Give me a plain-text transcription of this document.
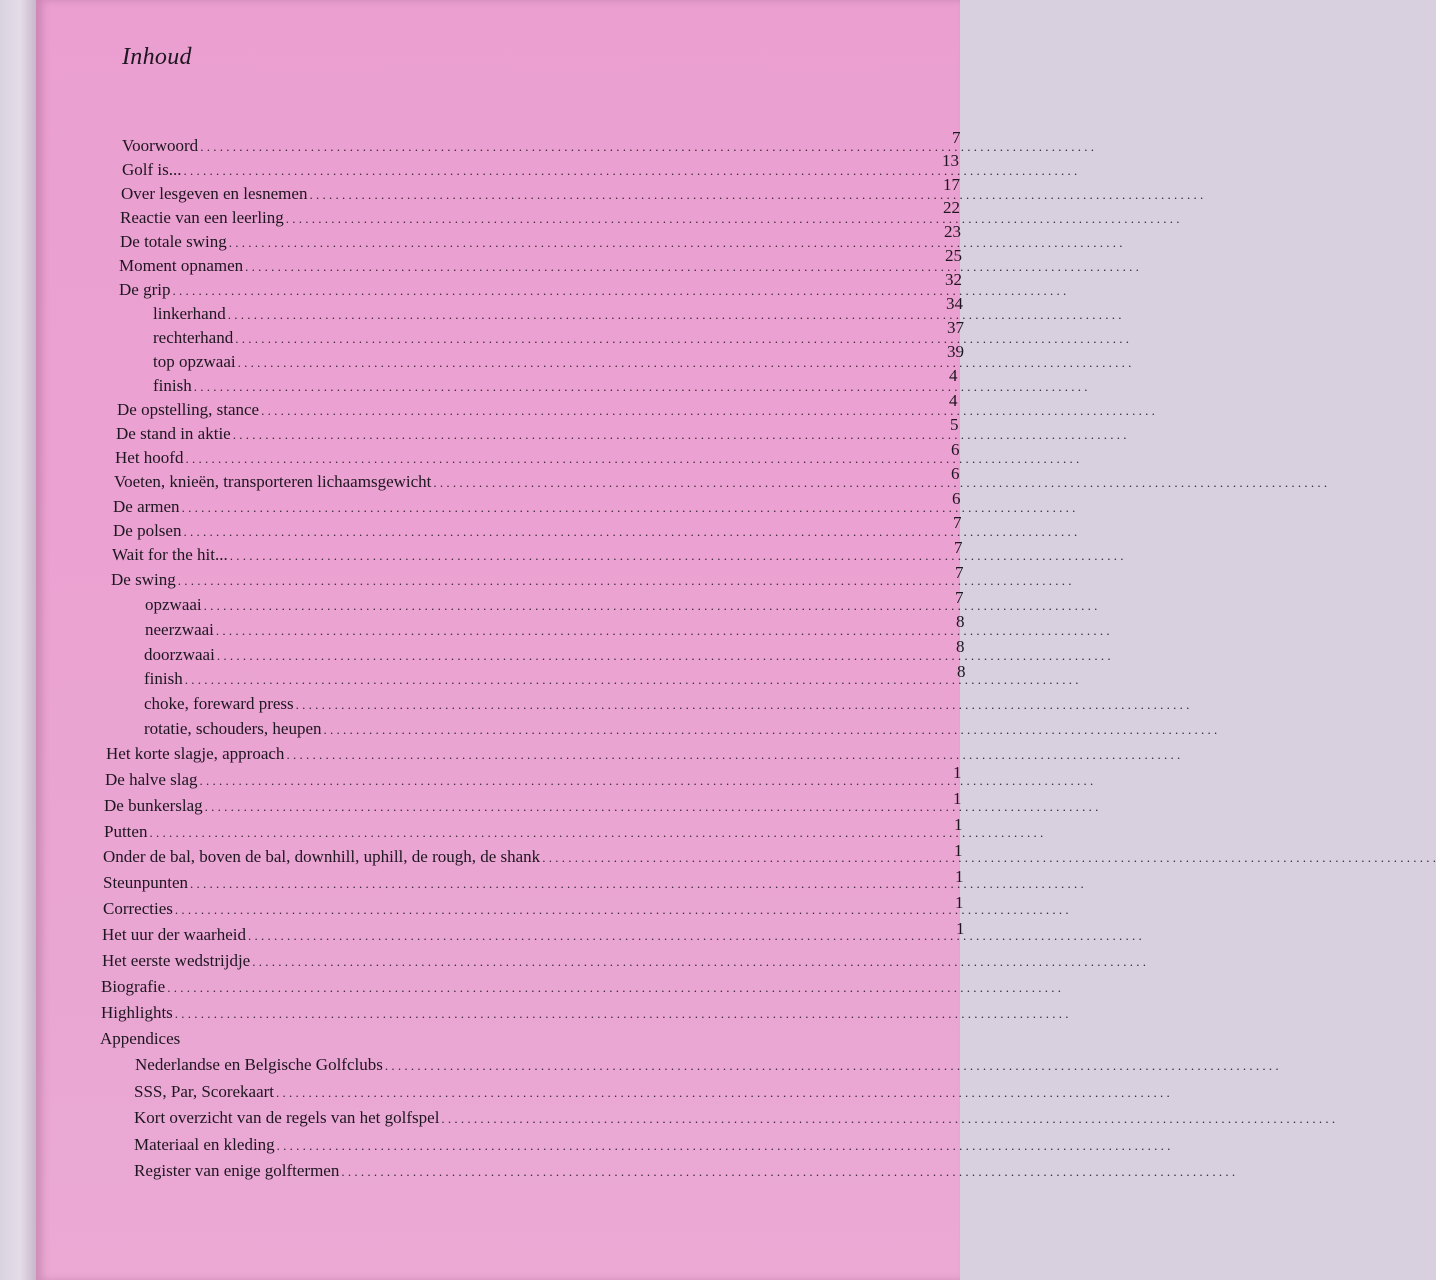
Inhoud
Voorwoord
. . .
Golf is...
. . .
Over lesgeven en lesnemen
. . .
Reactie van een leerling
. . .
De totale swing
. . .
Moment opnamen
. . .
De grip
. . .
linkerhand
. . .
rechterhand
. . .
top opzwaai
. . .
finish
. . .
De opstelling, stance
. . .
De stand in aktie
. . .
Het hoofd
. . .
Voeten, knieën, transporteren lichaamsgewicht
. . .
De armen
. . .
De polsen
. . .
Wait for the hit...
. . .
De swing
. . .
opzwaai
. . .
neerzwaai
. . .
doorzwaai
. . .
finish
. . .
choke, foreward press
. . .
rotatie, schouders, heupen
. . .
Het korte slagje, approach
. . .
De halve slag
. . .
De bunkerslag
. . .
Putten
. . .
Onder de bal, boven de bal, downhill, uphill, de rough, de shank
. . .
Steunpunten
. . .
Correcties
. . .
Het uur der waarheid
. . .
Het eerste wedstrijdje
. . .
Biografie
. . .
Highlights
. . .
Appendices
Nederlandse en Belgische Golfclubs
. . .
SSS, Par, Scorekaart
. . .
Kort overzicht van de regels van het golfspel
. . .
Materiaal en kleding
. . .
Register van enige golftermen
. . .
7
13
17
22
23
25
32
34
37
39
4
4
5
6
6
6
7
7
7
7
8
8
8
1
1
1
1
1
1
1
